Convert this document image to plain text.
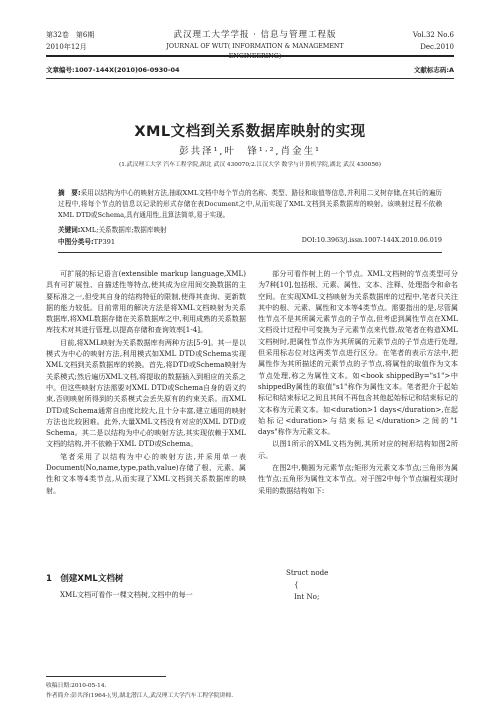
第32卷　第6期	武汉理工大学学报 · 信息与管理工程版	Vol.32 No.6
2010年12月	JOURNAL OF WUT( INFORMATION & MANAGEMENT ENGINEERING)
Dec.2010
文章编号:1007-144X(2010)06-0930-04	文献标志码:A
XML文档到关系数据库映射的实现
彭共泽¹,叶　锋¹·²,肖金生¹
(1.武汉理工大学 汽车工程学院,湖北 武汉 430070;2.江汉大学 数学与计算机学院,湖北 武汉 430056)
摘　要:采用以结构为中心的映射方法,抽取XML文档中每个节点的名称、类型、路径和取值等信息,并利用二叉树存储,在其后的遍历过程中,将每个节点的信息以记录的形式存储在表Document之中,从而实现了XML文档到关系数据库的映射。该映射过程不依赖XML DTD或Schema,具有通用性,且算法简单,易于实现。
关键词:XML;关系数据库;数据库映射
中图分类号:TP391	DOI:10.3963/j.issn.1007-144X.2010.06.019

可扩展的标记语言(extensible markup language,XML)具有可扩展性、自描述性等特点,使其成为应用间交换数据的主要标准之一,但受其自身的结构特征的限制,使得其查询、更新数据的能力较低。目前常用的解决方法是将XML文档映射为关系数据库,将XML数据存储在关系数据库之中,利用成熟的关系数据库技术对其进行管理,以提高存储和查询效率[1-4]。

目前,将XML映射为关系数据库有两种方法[5-9]。其一是以模式为中心的映射方法,利用模式如XML DTD或Schema实现XML文档到关系数据库的转换。首先,将DTD或Schema映射为关系模式;然后遍历XML文档,将提取的数据插入到相应的关系之中。但这些映射方法需要对XML DTD或Schema自身的语义约束,否则映射所得到的关系模式会丢失原有的约束关系。而XML DTD或Schema通常自由度比较大,且十分丰富,建立通用的映射方法也比较困难。此外,大量XML文档没有对应的XML DTD或Schema。其二是以结构为中心的映射方法,其实现依赖于XML文档的结构,并不依赖于XML DTD或Schema。

笔者采用了以结构为中心的映射方法,并采用单一表Document(No,name,type,path,value)存储了根、元素、属性和文本等4类节点,从而实现了XML文档到关系数据库的映射。

1　创建XML文档树
XML文档可看作一棵文档树,文档中的每一

部分可看作树上的一个节点。XML文档树的节点类型可分为7种[10],包括根、元素、属性、文本、注释、处理指令和命名空间。在实现XML文档映射为关系数据库的过程中,笔者只关注其中的根、元素、属性和文本等4类节点。需要指出的是,尽管属性节点不是其所属元素节点的子节点,但考虑到属性节点在XML文档设计过程中可变换为子元素节点来代替,故笔者在构造XML文档树时,把属性节点作为其所属的元素节点的子节点进行处理,但采用标志位对这两类节点进行区分。在笔者的表示方法中,把属性作为其所描述的元素节点的子节点,将属性的取值作为文本节点处理,称之为属性文本。如<book shippedBy="s1">中shippedBy属性的取值"s1"称作为属性文本。笔者把介于起始标记和结束标记之间且其间不再包含其他起始标记和结束标记的文本称为元素文本。如<duration>1 days</duration>,在起始标记<duration>与结束标记</duration>之间的"1 days"称作为元素文本。

以图1所示的XML文档为例,其所对应的树形结构如图2所示。

在图2中,椭圆为元素节点;矩形为元素文本节点;三角形为属性节点;五角形为属性文本节点。对于图2中每个节点编程实现时采用的数据结构如下:

Struct node
{
Int No;
收稿日期:2010-05-14.
作者简介:彭共泽(1964-),男,湖北潜江人,武汉理工大学汽车工程学院讲师.
